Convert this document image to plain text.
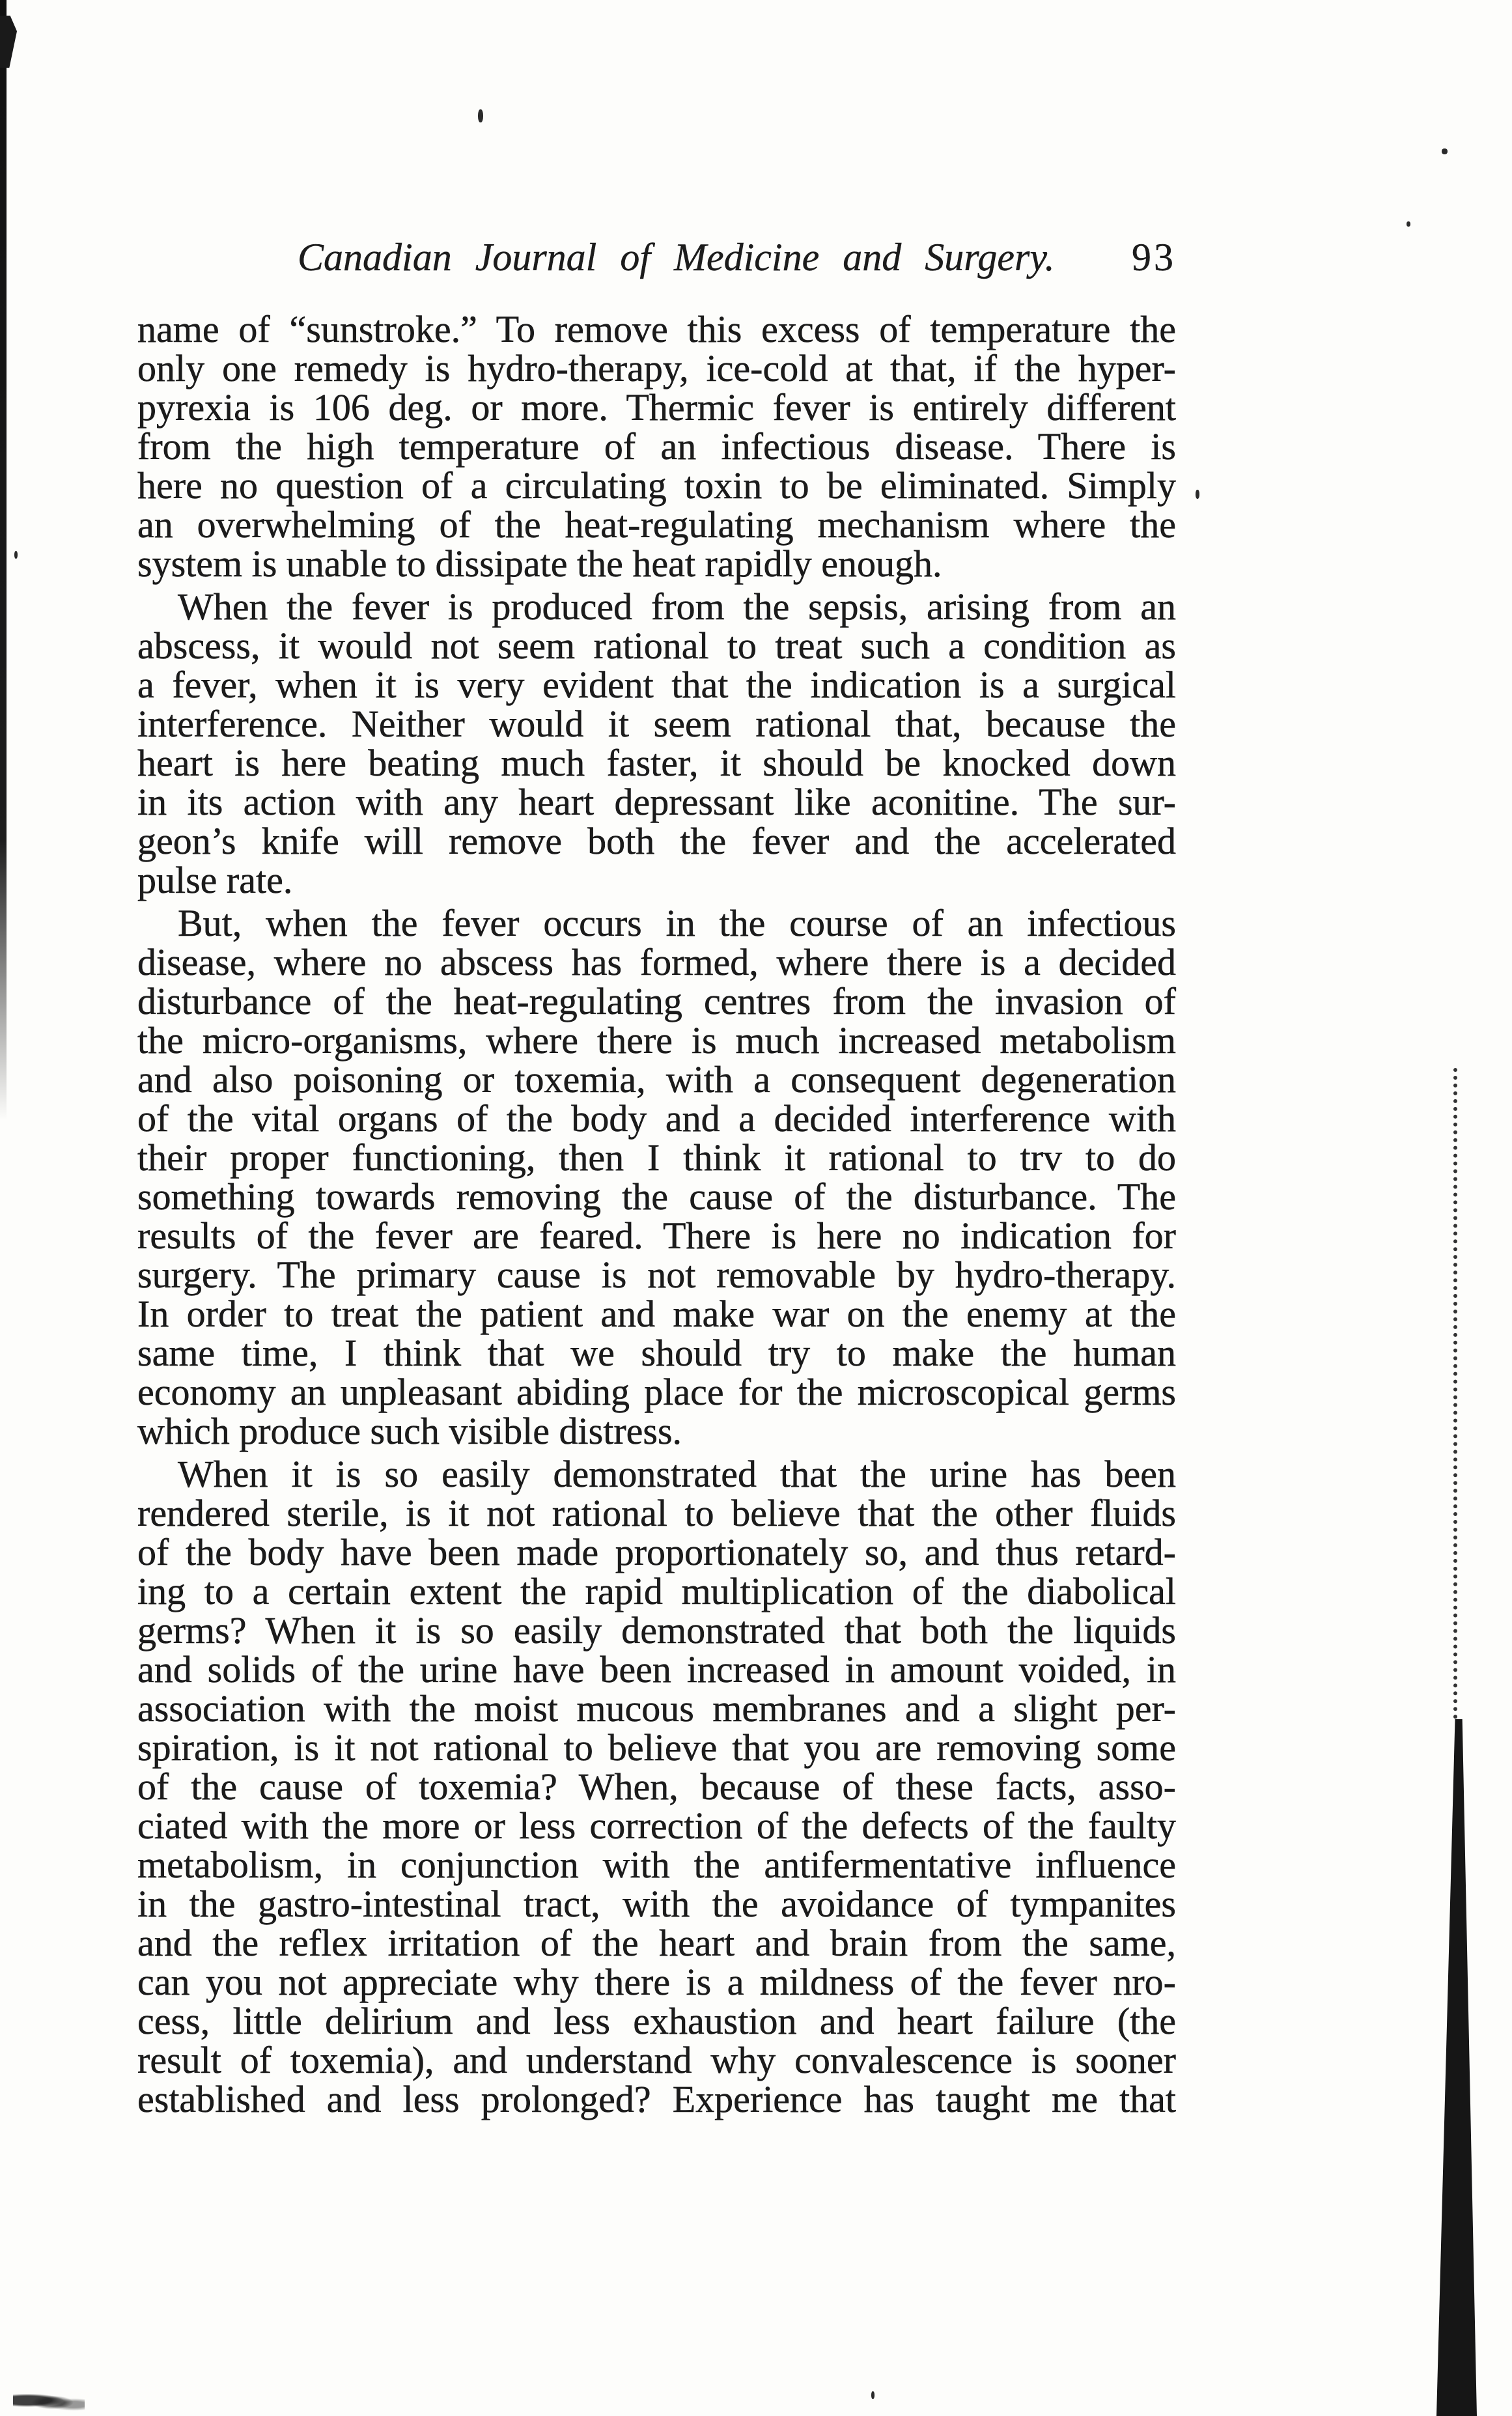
Canadian Journal of Medicine and Surgery. 93
name of “sunstroke.” To remove this excess of temperature the
only one remedy is hydro-therapy, ice-cold at that, if the hyper-
pyrexia is 106 deg. or more. Thermic fever is entirely different
from the high temperature of an infectious disease. There is
here no question of a circulating toxin to be eliminated. Simply
an overwhelming of the heat-regulating mechanism where the
system is unable to dissipate the heat rapidly enough.
When the fever is produced from the sepsis, arising from an
abscess, it would not seem rational to treat such a condition as
a fever, when it is very evident that the indication is a surgical
interference. Neither would it seem rational that, because the
heart is here beating much faster, it should be knocked down
in its action with any heart depressant like aconitine. The sur-
geon’s knife will remove both the fever and the accelerated
pulse rate.
But, when the fever occurs in the course of an infectious
disease, where no abscess has formed, where there is a decided
disturbance of the heat-regulating centres from the invasion of
the micro-organisms, where there is much increased metabolism
and also poisoning or toxemia, with a consequent degeneration
of the vital organs of the body and a decided interference with
their proper functioning, then I think it rational to trv to do
something towards removing the cause of the disturbance. The
results of the fever are feared. There is here no indication for
surgery. The primary cause is not removable by hydro-therapy.
In order to treat the patient and make war on the enemy at the
same time, I think that we should try to make the human
economy an unpleasant abiding place for the microscopical germs
which produce such visible distress.
When it is so easily demonstrated that the urine has been
rendered sterile, is it not rational to believe that the other fluids
of the body have been made proportionately so, and thus retard-
ing to a certain extent the rapid multiplication of the diabolical
germs? When it is so easily demonstrated that both the liquids
and solids of the urine have been increased in amount voided, in
association with the moist mucous membranes and a slight per-
spiration, is it not rational to believe that you are removing some
of the cause of toxemia? When, because of these facts, asso-
ciated with the more or less correction of the defects of the faulty
metabolism, in conjunction with the antifermentative influence
in the gastro-intestinal tract, with the avoidance of tympanites
and the reflex irritation of the heart and brain from the same,
can you not appreciate why there is a mildness of the fever nro-
cess, little delirium and less exhaustion and heart failure (the
result of toxemia), and understand why convalescence is sooner
established and less prolonged? Experience has taught me that
